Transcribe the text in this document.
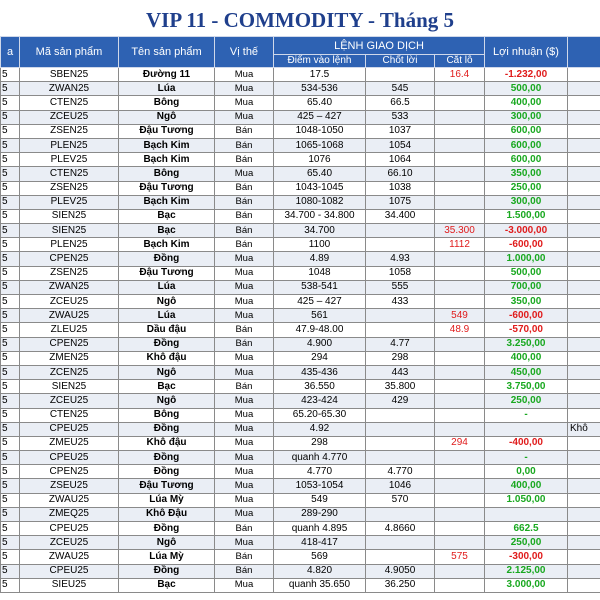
VIP 11 - COMMODITY - Tháng 5
a	Mã sản phẩm	Tên sản phẩm	Vị thế	LỆNH GIAO DỊCH			Lợi nhuận ($)	
				Điểm vào lệnh	Chốt lời	Cắt lỗ		
5	SBEN25	Đường 11	Mua	17.5		16.4	-1.232,00	
5	ZWAN25	Lúa	Mua	534-536	545		500,00	
5	CTEN25	Bông	Mua	65.40	66.5		400,00	
5	ZCEU25	Ngô	Mua	425 – 427	533		300,00	
5	ZSEN25	Đậu Tương	Bán	1048-1050	1037		600,00	
5	PLEN25	Bạch Kim	Bán	1065-1068	1054		600,00	
5	PLEV25	Bạch Kim	Bán	1076	1064		600,00	
5	CTEN25	Bông	Mua	65.40	66.10		350,00	
5	ZSEN25	Đậu Tương	Bán	1043-1045	1038		250,00	
5	PLEV25	Bạch Kim	Bán	1080-1082	1075		300,00	
5	SIEN25	Bạc	Bán	34.700 - 34.800	34.400		1.500,00	
5	SIEN25	Bạc	Bán	34.700		35.300	-3.000,00	
5	PLEN25	Bạch Kim	Bán	1100		1112	-600,00	
5	CPEN25	Đồng	Mua	4.89	4.93		1.000,00	
5	ZSEN25	Đậu Tương	Mua	1048	1058		500,00	
5	ZWAN25	Lúa	Mua	538-541	555		700,00	
5	ZCEU25	Ngô	Mua	425 – 427	433		350,00	
5	ZWAU25	Lúa	Mua	561		549	-600,00	
5	ZLEU25	Dầu đậu	Bán	47.9-48.00		48.9	-570,00	
5	CPEN25	Đồng	Bán	4.900	4.77		3.250,00	
5	ZMEN25	Khô đậu	Mua	294	298		400,00	
5	ZCEN25	Ngô	Mua	435-436	443		450,00	
5	SIEN25	Bạc	Bán	36.550	35.800		3.750,00	
5	ZCEU25	Ngô	Mua	423-424	429		250,00	
5	CTEN25	Bông	Mua	65.20-65.30			-	
5	CPEU25	Đồng	Mua	4.92				Khô
5	ZMEU25	Khô đậu	Mua	298		294	-400,00	
5	CPEU25	Đồng	Mua	quanh 4.770			-	
5	CPEN25	Đồng	Mua	4.770	4.770		0,00	
5	ZSEU25	Đậu Tương	Mua	1053-1054	1046		400,00	
5	ZWAU25	Lúa Mỳ	Mua	549	570		1.050,00	
5	ZMEQ25	Khô Đậu	Mua	289-290				
5	CPEU25	Đồng	Bán	quanh 4.895	4.8660		662.5	
5	ZCEU25	Ngô	Mua	418-417			250,00	
5	ZWAU25	Lúa Mỳ	Bán	569		575	-300,00	
5	CPEU25	Đồng	Bán	4.820	4.9050		2.125,00	
5	SIEU25	Bạc	Mua	quanh 35.650	36.250		3.000,00	
